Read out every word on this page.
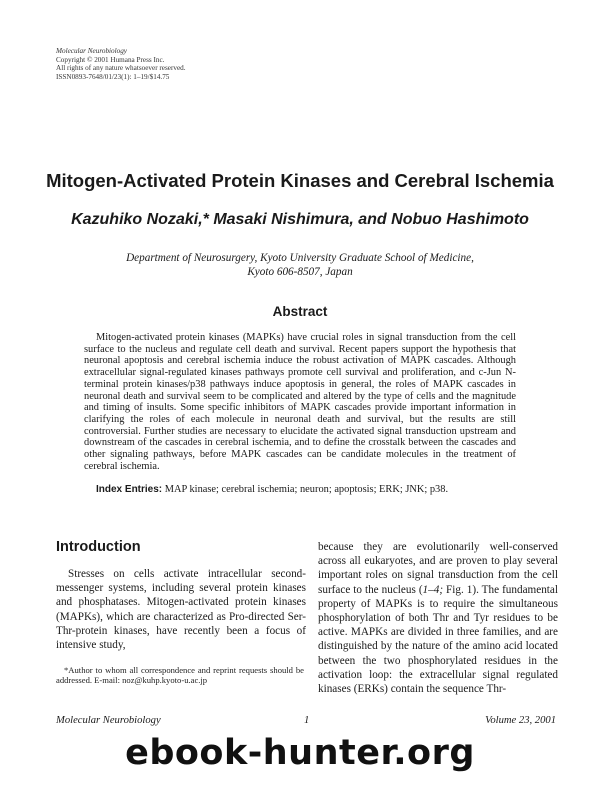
Molecular Neurobiology
Copyright © 2001 Humana Press Inc.
All rights of any nature whatsoever reserved.
ISSN0893-7648/01/23(1): 1–19/$14.75
Mitogen-Activated Protein Kinases and Cerebral Ischemia
Kazuhiko Nozaki,* Masaki Nishimura, and Nobuo Hashimoto
Department of Neurosurgery, Kyoto University Graduate School of Medicine,
Kyoto 606-8507, Japan
Abstract

Mitogen-activated protein kinases (MAPKs) have crucial roles in signal transduction from the cell surface to the nucleus and regulate cell death and survival. Recent papers support the hypothesis that neuronal apoptosis and cerebral ischemia induce the robust activation of MAPK cascades. Although extracellular signal-regulated kinases pathways promote cell survival and proliferation, and c-Jun N-terminal protein kinases/p38 pathways induce apoptosis in general, the roles of MAPK cascades in neuronal death and survival seem to be complicated and altered by the type of cells and the magnitude and timing of insults. Some specific inhibitors of MAPK cascades provide important information in clarifying the roles of each molecule in neuronal death and survival, but the results are still controversial. Further studies are necessary to elucidate the activated signal transduction upstream and downstream of the cascades in cerebral ischemia, and to define the crosstalk between the cascades and other signaling pathways, before MAPK cascades can be candidate molecules in the treatment of cerebral ischemia.

Index Entries: MAP kinase; cerebral ischemia; neuron; apoptosis; ERK; JNK; p38.
Introduction

Stresses on cells activate intracellular second-messenger systems, including several protein kinases and phosphatases. Mitogen-activated protein kinases (MAPKs), which are characterized as Pro-directed Ser-Thr-protein kinases, have recently been a focus of intensive study,

*Author to whom all correspondence and reprint requests should be addressed. E-mail: noz@kuhp.kyoto-u.ac.jp

because they are evolutionarily well-conserved across all eukaryotes, and are proven to play several important roles on signal transduction from the cell surface to the nucleus (1–4; Fig. 1). The fundamental property of MAPKs is to require the simultaneous phosphorylation of both Thr and Tyr residues to be active. MAPKs are divided in three families, and are distinguished by the nature of the amino acid located between the two phosphorylated residues in the activation loop: the extracellular signal regulated kinases (ERKs) contain the sequence Thr-

Molecular Neurobiology	1	Volume 23, 2001
ebook-hunter.org
